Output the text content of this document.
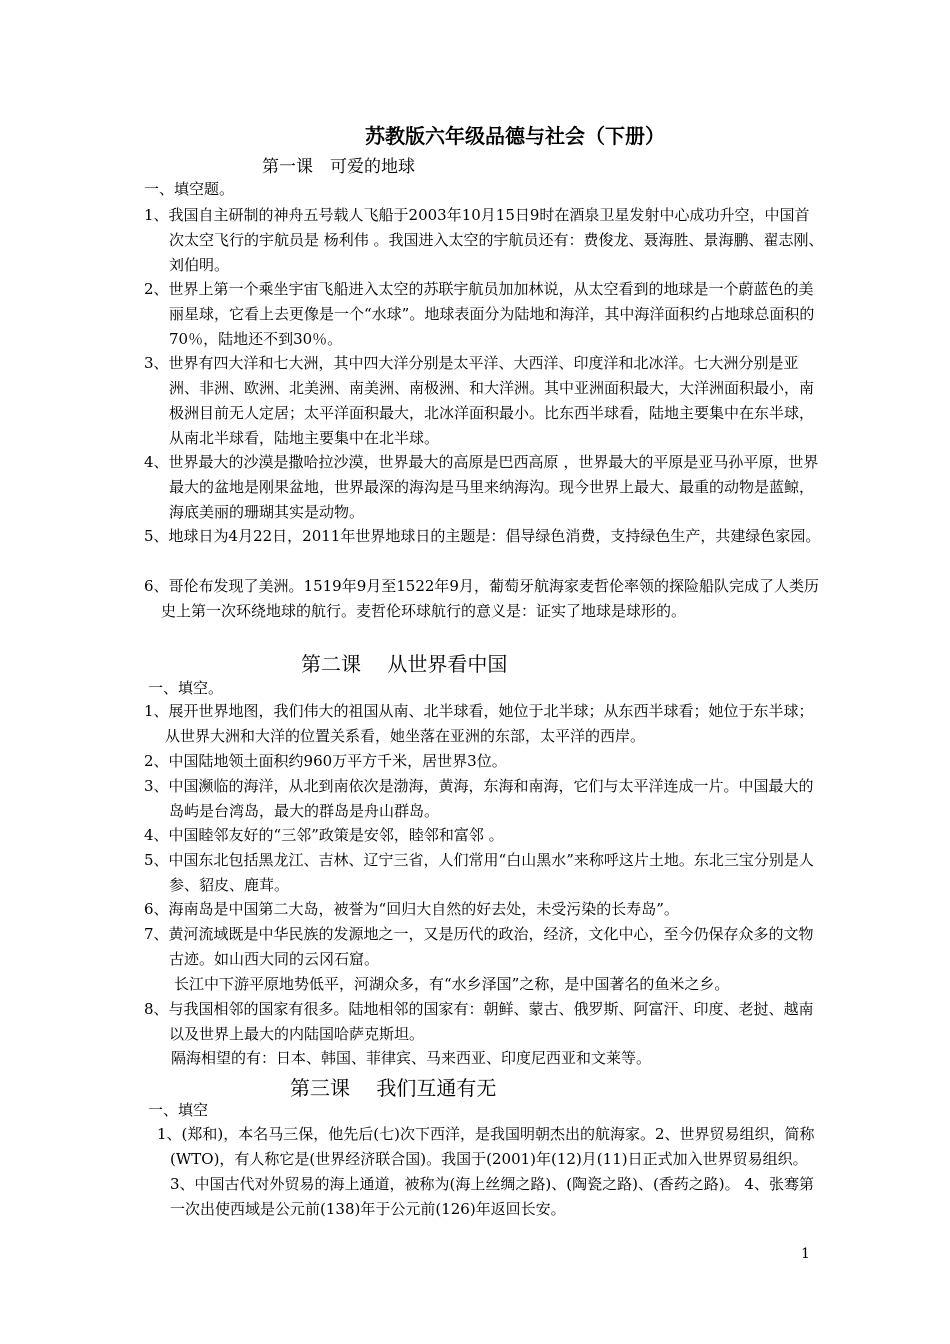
苏教版六年级品德与社会（下册）
第一课　可爱的地球
一、填空题。
1、我国自主研制的神舟五号载人飞船于2003年10月15日9时在酒泉卫星发射中心成功升空，中国首次太空飞行的宇航员是 杨利伟 。我国进入太空的宇航员还有：费俊龙、聂海胜、景海鹏、翟志刚、刘伯明。
2、世界上第一个乘坐宇宙飞船进入太空的苏联宇航员加加林说，从太空看到的地球是一个蔚蓝色的美丽星球，它看上去更像是一个“水球”。地球表面分为陆地和海洋，其中海洋面积约占地球总面积的 70％，陆地还不到30％。
3、世界有四大洋和七大洲，其中四大洋分别是太平洋、大西洋、印度洋和北冰洋。七大洲分别是亚洲、非洲、欧洲、北美洲、南美洲、南极洲、和大洋洲。其中亚洲面积最大，大洋洲面积最小，南极洲目前无人定居；太平洋面积最大，北冰洋面积最小。比东西半球看，陆地主要集中在东半球，从南北半球看，陆地主要集中在北半球。
4、世界最大的沙漠是撒哈拉沙漠，世界最大的高原是巴西高原 ，世界最大的平原是亚马孙平原，世界最大的盆地是刚果盆地，世界最深的海沟是马里来纳海沟。现今世界上最大、最重的动物是蓝鲸，海底美丽的珊瑚其实是动物。
5、地球日为4月22日，2011年世界地球日的主题是：倡导绿色消费，支持绿色生产，共建绿色家园。
6、哥伦布发现了美洲。1519年9月至1522年9月，葡萄牙航海家麦哲伦率领的探险船队完成了人类历史上第一次环绕地球的航行。麦哲伦环球航行的意义是：证实了地球是球形的。
第二课　 从世界看中国
一、填空。
1、展开世界地图，我们伟大的祖国从南、北半球看，她位于北半球；从东西半球看；她位于东半球；从世界大洲和大洋的位置关系看，她坐落在亚洲的东部，太平洋的西岸。
2、中国陆地领土面积约960万平方千米，居世界3位。
3、中国濒临的海洋，从北到南依次是渤海，黄海，东海和南海，它们与太平洋连成一片。中国最大的岛屿是台湾岛，最大的群岛是舟山群岛。
4、中国睦邻友好的“三邻”政策是安邻，睦邻和富邻 。
5、中国东北包括黑龙江、吉林、辽宁三省，人们常用“白山黑水”来称呼这片土地。东北三宝分别是人参、貂皮、鹿茸。
6、海南岛是中国第二大岛，被誉为“回归大自然的好去处，未受污染的长寿岛”。
7、黄河流域既是中华民族的发源地之一，又是历代的政治，经济，文化中心，至今仍保存众多的文物古迹。如山西大同的云冈石窟。
长江中下游平原地势低平，河湖众多，有“水乡泽国”之称，是中国著名的鱼米之乡。
8、与我国相邻的国家有很多。陆地相邻的国家有：朝鲜、蒙古、俄罗斯、阿富汗、印度、老挝、越南以及世界上最大的内陆国哈萨克斯坦。
隔海相望的有：日本、韩国、菲律宾、马来西亚、印度尼西亚和文莱等。
第三课　 我们互通有无
一、填空
1、(郑和)，本名马三保，他先后(七)次下西洋，是我国明朝杰出的航海家。2、世界贸易组织，简称(WTO)，有人称它是(世界经济联合国)。我国于(2001)年(12)月(11)日正式加入世界贸易组织。 3、中国古代对外贸易的海上通道，被称为(海上丝绸之路)、(陶瓷之路)、(香药之路)。 4、张骞第一次出使西域是公元前(138)年于公元前(126)年返回长安。
1
